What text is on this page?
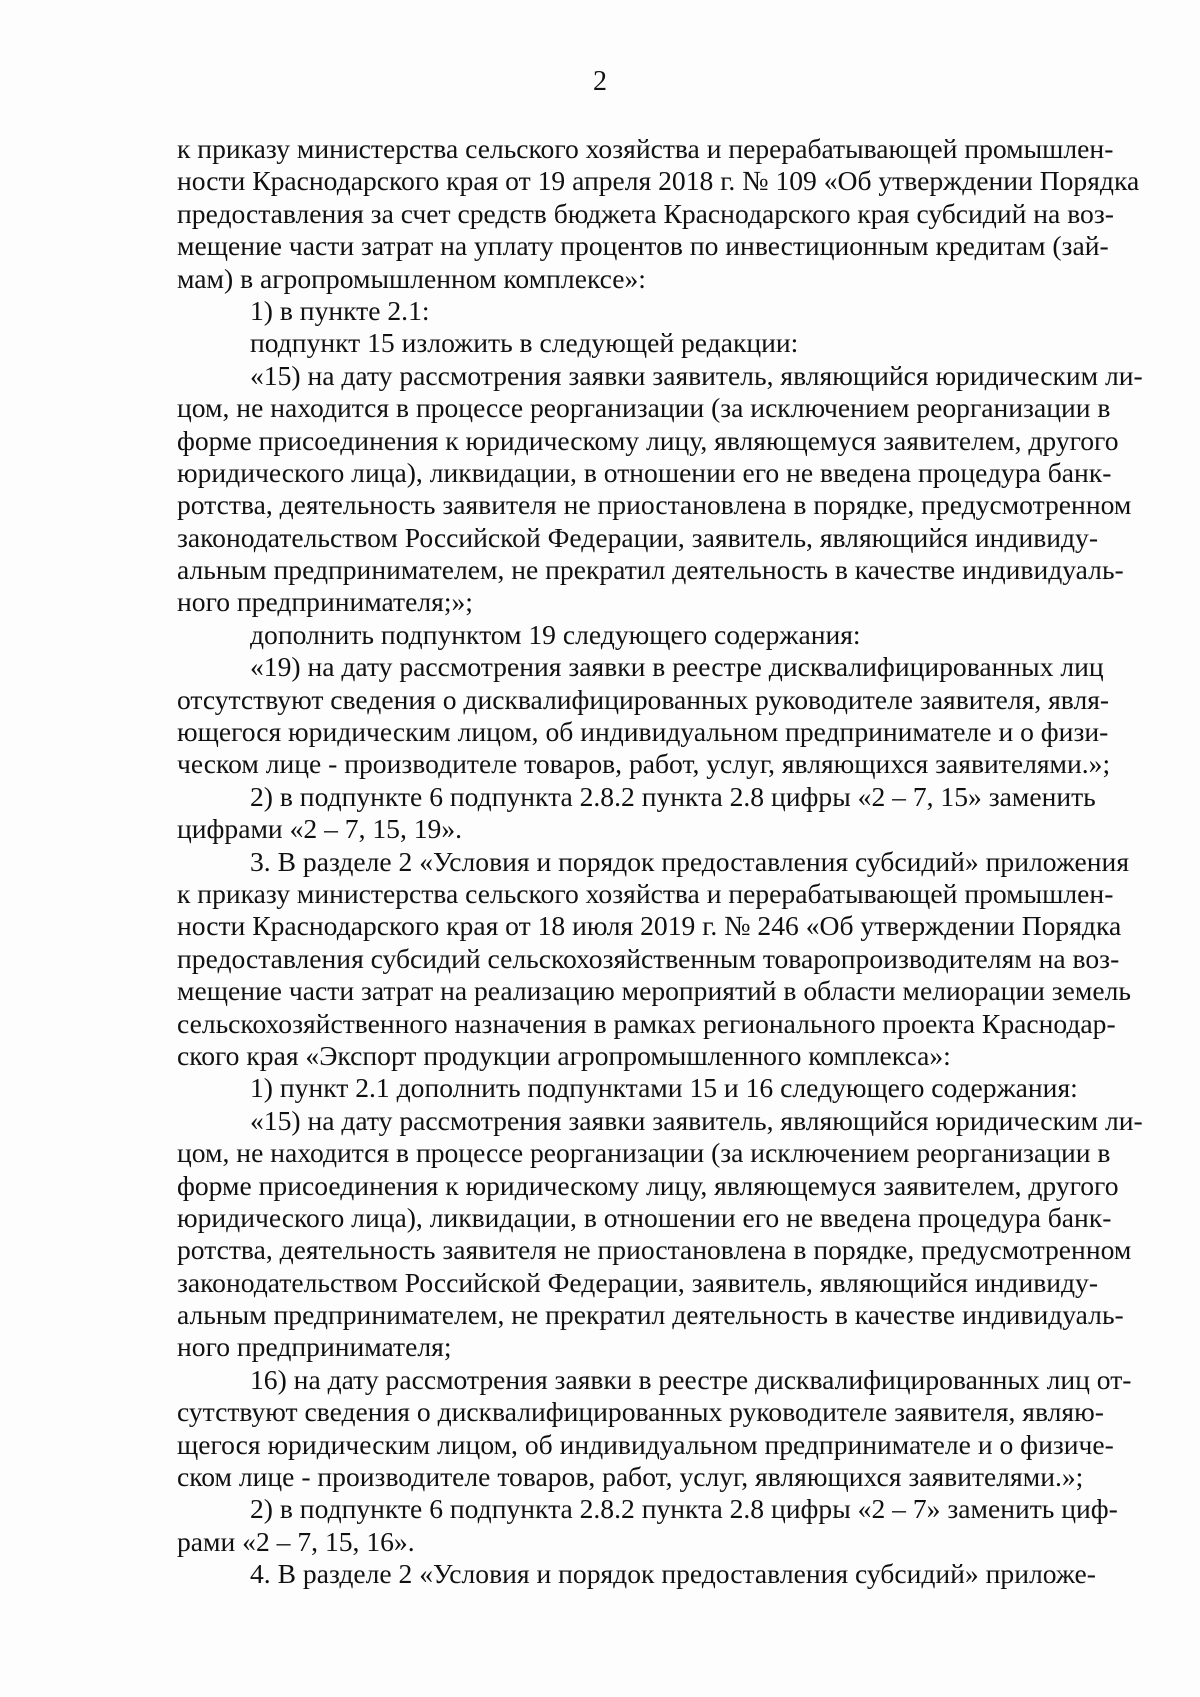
2
к приказу министерства сельского хозяйства и перерабатывающей промышлен-
ности Краснодарского края от 19 апреля 2018 г. № 109 «Об утверждении Порядка
предоставления за счет средств бюджета Краснодарского края субсидий на воз-
мещение части затрат на уплату процентов по инвестиционным кредитам (зай-
мам) в агропромышленном комплексе»:
1) в пункте 2.1:
подпункт 15 изложить в следующей редакции:
«15) на дату рассмотрения заявки заявитель, являющийся юридическим ли-
цом, не находится в процессе реорганизации (за исключением реорганизации в
форме присоединения к юридическому лицу, являющемуся заявителем, другого
юридического лица), ликвидации, в отношении его не введена процедура банк-
ротства, деятельность заявителя не приостановлена в порядке, предусмотренном
законодательством Российской Федерации, заявитель, являющийся индивиду-
альным предпринимателем, не прекратил деятельность в качестве индивидуаль-
ного предпринимателя;»;
дополнить подпунктом 19 следующего содержания:
«19) на дату рассмотрения заявки в реестре дисквалифицированных лиц
отсутствуют сведения о дисквалифицированных руководителе заявителя, явля-
ющегося юридическим лицом, об индивидуальном предпринимателе и о физи-
ческом лице - производителе товаров, работ, услуг, являющихся заявителями.»;
2) в подпункте 6 подпункта 2.8.2 пункта 2.8 цифры «2 – 7, 15» заменить
цифрами «2 – 7, 15, 19».
3. В разделе 2 «Условия и порядок предоставления субсидий» приложения
к приказу министерства сельского хозяйства и перерабатывающей промышлен-
ности Краснодарского края от 18 июля 2019 г. № 246 «Об утверждении Порядка
предоставления субсидий сельскохозяйственным товаропроизводителям на воз-
мещение части затрат на реализацию мероприятий в области мелиорации земель
сельскохозяйственного назначения в рамках регионального проекта Краснодар-
ского края «Экспорт продукции агропромышленного комплекса»:
1) пункт 2.1 дополнить подпунктами 15 и 16 следующего содержания:
«15) на дату рассмотрения заявки заявитель, являющийся юридическим ли-
цом, не находится в процессе реорганизации (за исключением реорганизации в
форме присоединения к юридическому лицу, являющемуся заявителем, другого
юридического лица), ликвидации, в отношении его не введена процедура банк-
ротства, деятельность заявителя не приостановлена в порядке, предусмотренном
законодательством Российской Федерации, заявитель, являющийся индивиду-
альным предпринимателем, не прекратил деятельность в качестве индивидуаль-
ного предпринимателя;
16) на дату рассмотрения заявки в реестре дисквалифицированных лиц от-
сутствуют сведения о дисквалифицированных руководителе заявителя, являю-
щегося юридическим лицом, об индивидуальном предпринимателе и о физиче-
ском лице - производителе товаров, работ, услуг, являющихся заявителями.»;
2) в подпункте 6 подпункта 2.8.2 пункта 2.8 цифры «2 – 7» заменить циф-
рами «2 – 7, 15, 16».
4. В разделе 2 «Условия и порядок предоставления субсидий» приложе-
